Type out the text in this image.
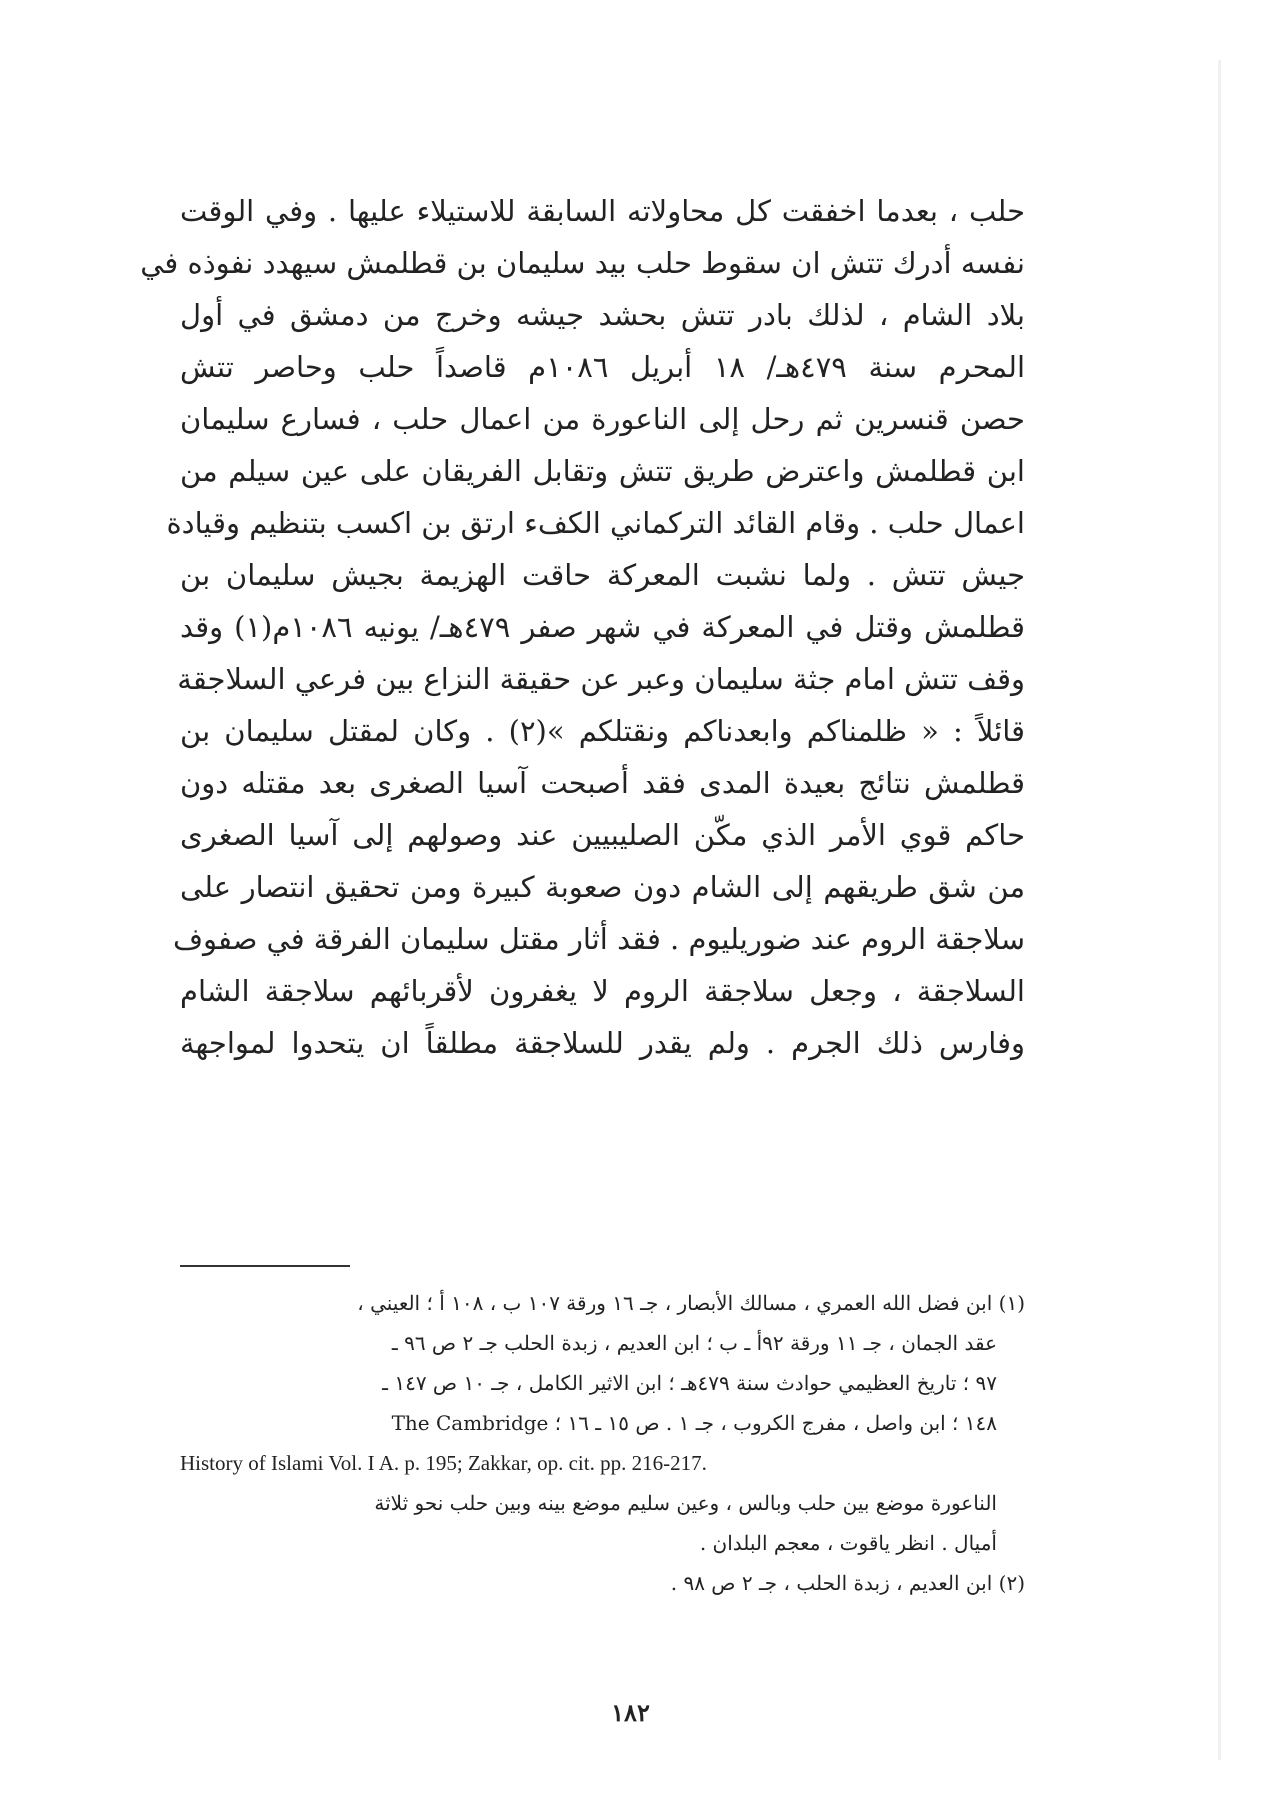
حلب ، بعدما اخفقت كل محاولاته السابقة للاستيلاء عليها . وفي الوقت
نفسه أدرك تتش ان سقوط حلب بيد سليمان بن قطلمش سيهدد نفوذه في
بلاد الشام ، لذلك بادر تتش بحشد جيشه وخرج من دمشق في أول
المحرم سنة ٤٧٩هـ/ ١٨ أبريل ١٠٨٦م قاصداً حلب وحاصر تتش
حصن قنسرين ثم رحل إلى الناعورة من اعمال حلب ، فسارع سليمان
ابن قطلمش واعترض طريق تتش وتقابل الفريقان على عين سيلم من
اعمال حلب . وقام القائد التركماني الكفء ارتق بن اكسب بتنظيم وقيادة
جيش تتش . ولما نشبت المعركة حاقت الهزيمة بجيش سليمان بن
قطلمش وقتل في المعركة في شهر صفر ٤٧٩هـ/ يونيه ١٠٨٦م(١) وقد
وقف تتش امام جثة سليمان وعبر عن حقيقة النزاع بين فرعي السلاجقة
قائلاً : « ظلمناكم وابعدناكم ونقتلكم »(٢) . وكان لمقتل سليمان بن
قطلمش نتائج بعيدة المدى فقد أصبحت آسيا الصغرى بعد مقتله دون
حاكم قوي الأمر الذي مكّن الصليبيين عند وصولهم إلى آسيا الصغرى
من شق طريقهم إلى الشام دون صعوبة كبيرة ومن تحقيق انتصار على
سلاجقة الروم عند ضوريليوم . فقد أثار مقتل سليمان الفرقة في صفوف
السلاجقة ، وجعل سلاجقة الروم لا يغفرون لأقربائهم سلاجقة الشام
وفارس ذلك الجرم . ولم يقدر للسلاجقة مطلقاً ان يتحدوا لمواجهة
(١) ابن فضل الله العمري ، مسالك الأبصار ، جـ ١٦ ورقة ١٠٧ ب ، ١٠٨ أ ؛ العيني ،
عقد الجمان ، جـ ١١ ورقة ٩٢أ ـ ب ؛ ابن العديم ، زبدة الحلب جـ ٢ ص ٩٦ ـ
٩٧ ؛ تاريخ العظيمي حوادث سنة ٤٧٩هـ ؛ ابن الاثير الكامل ، جـ ١٠ ص ١٤٧ ـ
١٤٨ ؛ ابن واصل ، مفرج الكروب ، جـ ١ . ص ١٥ ـ ١٦ ؛ The Cambridge
History of Islami Vol. I A. p. 195; Zakkar, op. cit. pp. 216-217.
الناعورة موضع بين حلب وبالس ، وعين سليم موضع بينه وبين حلب نحو ثلاثة
أميال . انظر ياقوت ، معجم البلدان .
(٢) ابن العديم ، زبدة الحلب ، جـ ٢ ص ٩٨ .
١٨٢
